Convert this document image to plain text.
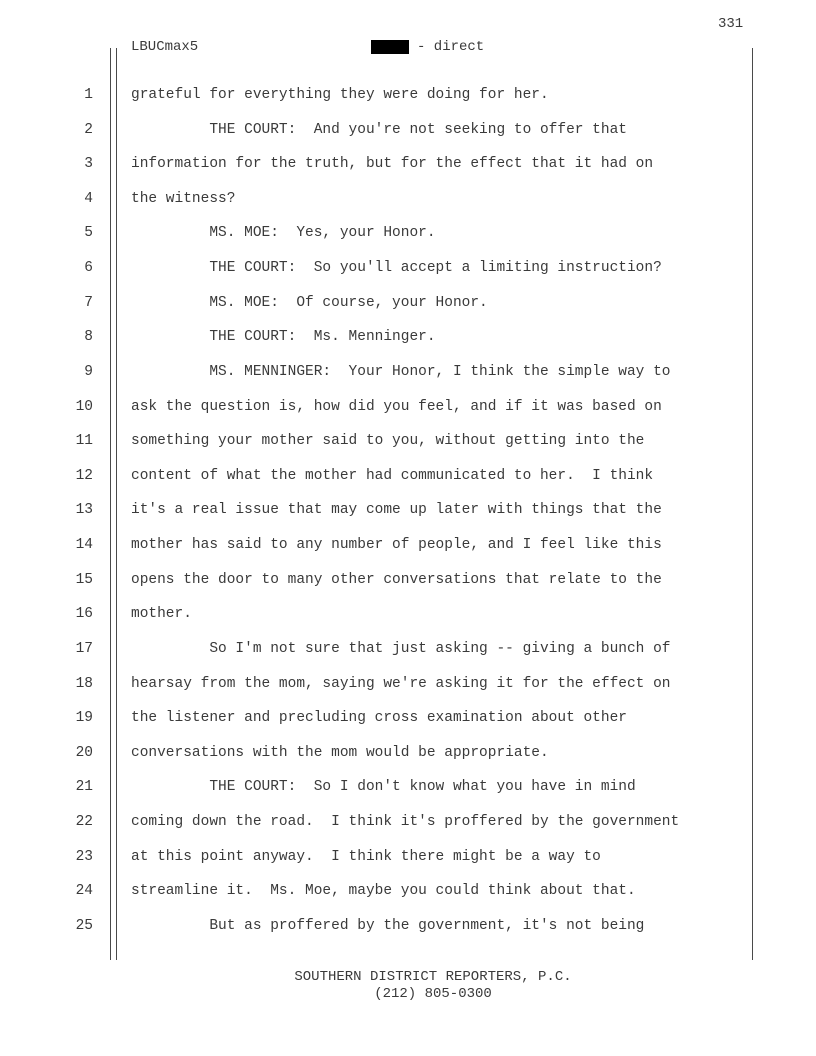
331
LBUCmax5	- direct
1	grateful for everything they were doing for her.
2	THE COURT:  And you're not seeking to offer that
3	information for the truth, but for the effect that it had on
4	the witness?
5	MS. MOE:  Yes, your Honor.
6	THE COURT:  So you'll accept a limiting instruction?
7	MS. MOE:  Of course, your Honor.
8	THE COURT:  Ms. Menninger.
9	MS. MENNINGER:  Your Honor, I think the simple way to
10	ask the question is, how did you feel, and if it was based on
11	something your mother said to you, without getting into the
12	content of what the mother had communicated to her.  I think
13	it's a real issue that may come up later with things that the
14	mother has said to any number of people, and I feel like this
15	opens the door to many other conversations that relate to the
16	mother.
17	So I'm not sure that just asking -- giving a bunch of
18	hearsay from the mom, saying we're asking it for the effect on
19	the listener and precluding cross examination about other
20	conversations with the mom would be appropriate.
21	THE COURT:  So I don't know what you have in mind
22	coming down the road.  I think it's proffered by the government
23	at this point anyway.  I think there might be a way to
24	streamline it.  Ms. Moe, maybe you could think about that.
25	But as proffered by the government, it's not being
SOUTHERN DISTRICT REPORTERS, P.C.
(212) 805-0300
